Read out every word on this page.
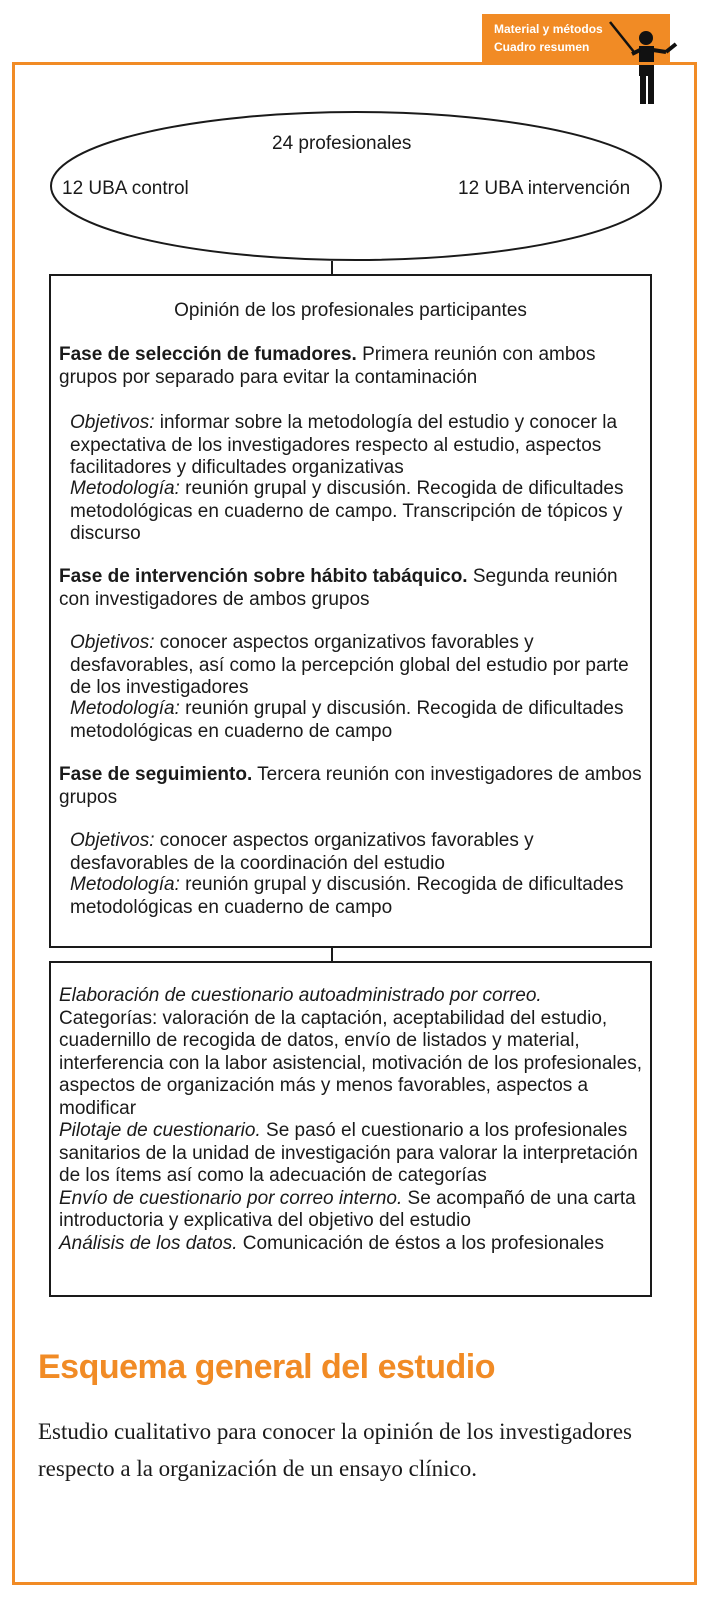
Material y métodos
Cuadro resumen
24 profesionales
12 UBA control	12 UBA intervención
Opinión de los profesionales participantes
Fase de selección de fumadores. Primera reunión con ambos grupos por separado para evitar la contaminación
Objetivos: informar sobre la metodología del estudio y conocer la expectativa de los investigadores respecto al estudio, aspectos facilitadores y dificultades organizativas
Metodología: reunión grupal y discusión. Recogida de dificultades metodológicas en cuaderno de campo. Transcripción de tópicos y discurso
Fase de intervención sobre hábito tabáquico. Segunda reunión con investigadores de ambos grupos
Objetivos: conocer aspectos organizativos favorables y desfavorables, así como la percepción global del estudio por parte de los investigadores
Metodología: reunión grupal y discusión. Recogida de dificultades metodológicas en cuaderno de campo
Fase de seguimiento. Tercera reunión con investigadores de ambos grupos
Objetivos: conocer aspectos organizativos favorables y desfavorables de la coordinación del estudio
Metodología: reunión grupal y discusión. Recogida de dificultades metodológicas en cuaderno de campo
Elaboración de cuestionario autoadministrado por correo.
Categorías: valoración de la captación, aceptabilidad del estudio, cuadernillo de recogida de datos, envío de listados y material, interferencia con la labor asistencial, motivación de los profesionales, aspectos de organización más y menos favorables, aspectos a modificar
Pilotaje de cuestionario. Se pasó el cuestionario a los profesionales sanitarios de la unidad de investigación para valorar la interpretación de los ítems así como la adecuación de categorías
Envío de cuestionario por correo interno. Se acompañó de una carta introductoria y explicativa del objetivo del estudio
Análisis de los datos. Comunicación de éstos a los profesionales
Esquema general del estudio
Estudio cualitativo para conocer la opinión de los investigadores respecto a la organización de un ensayo clínico.
